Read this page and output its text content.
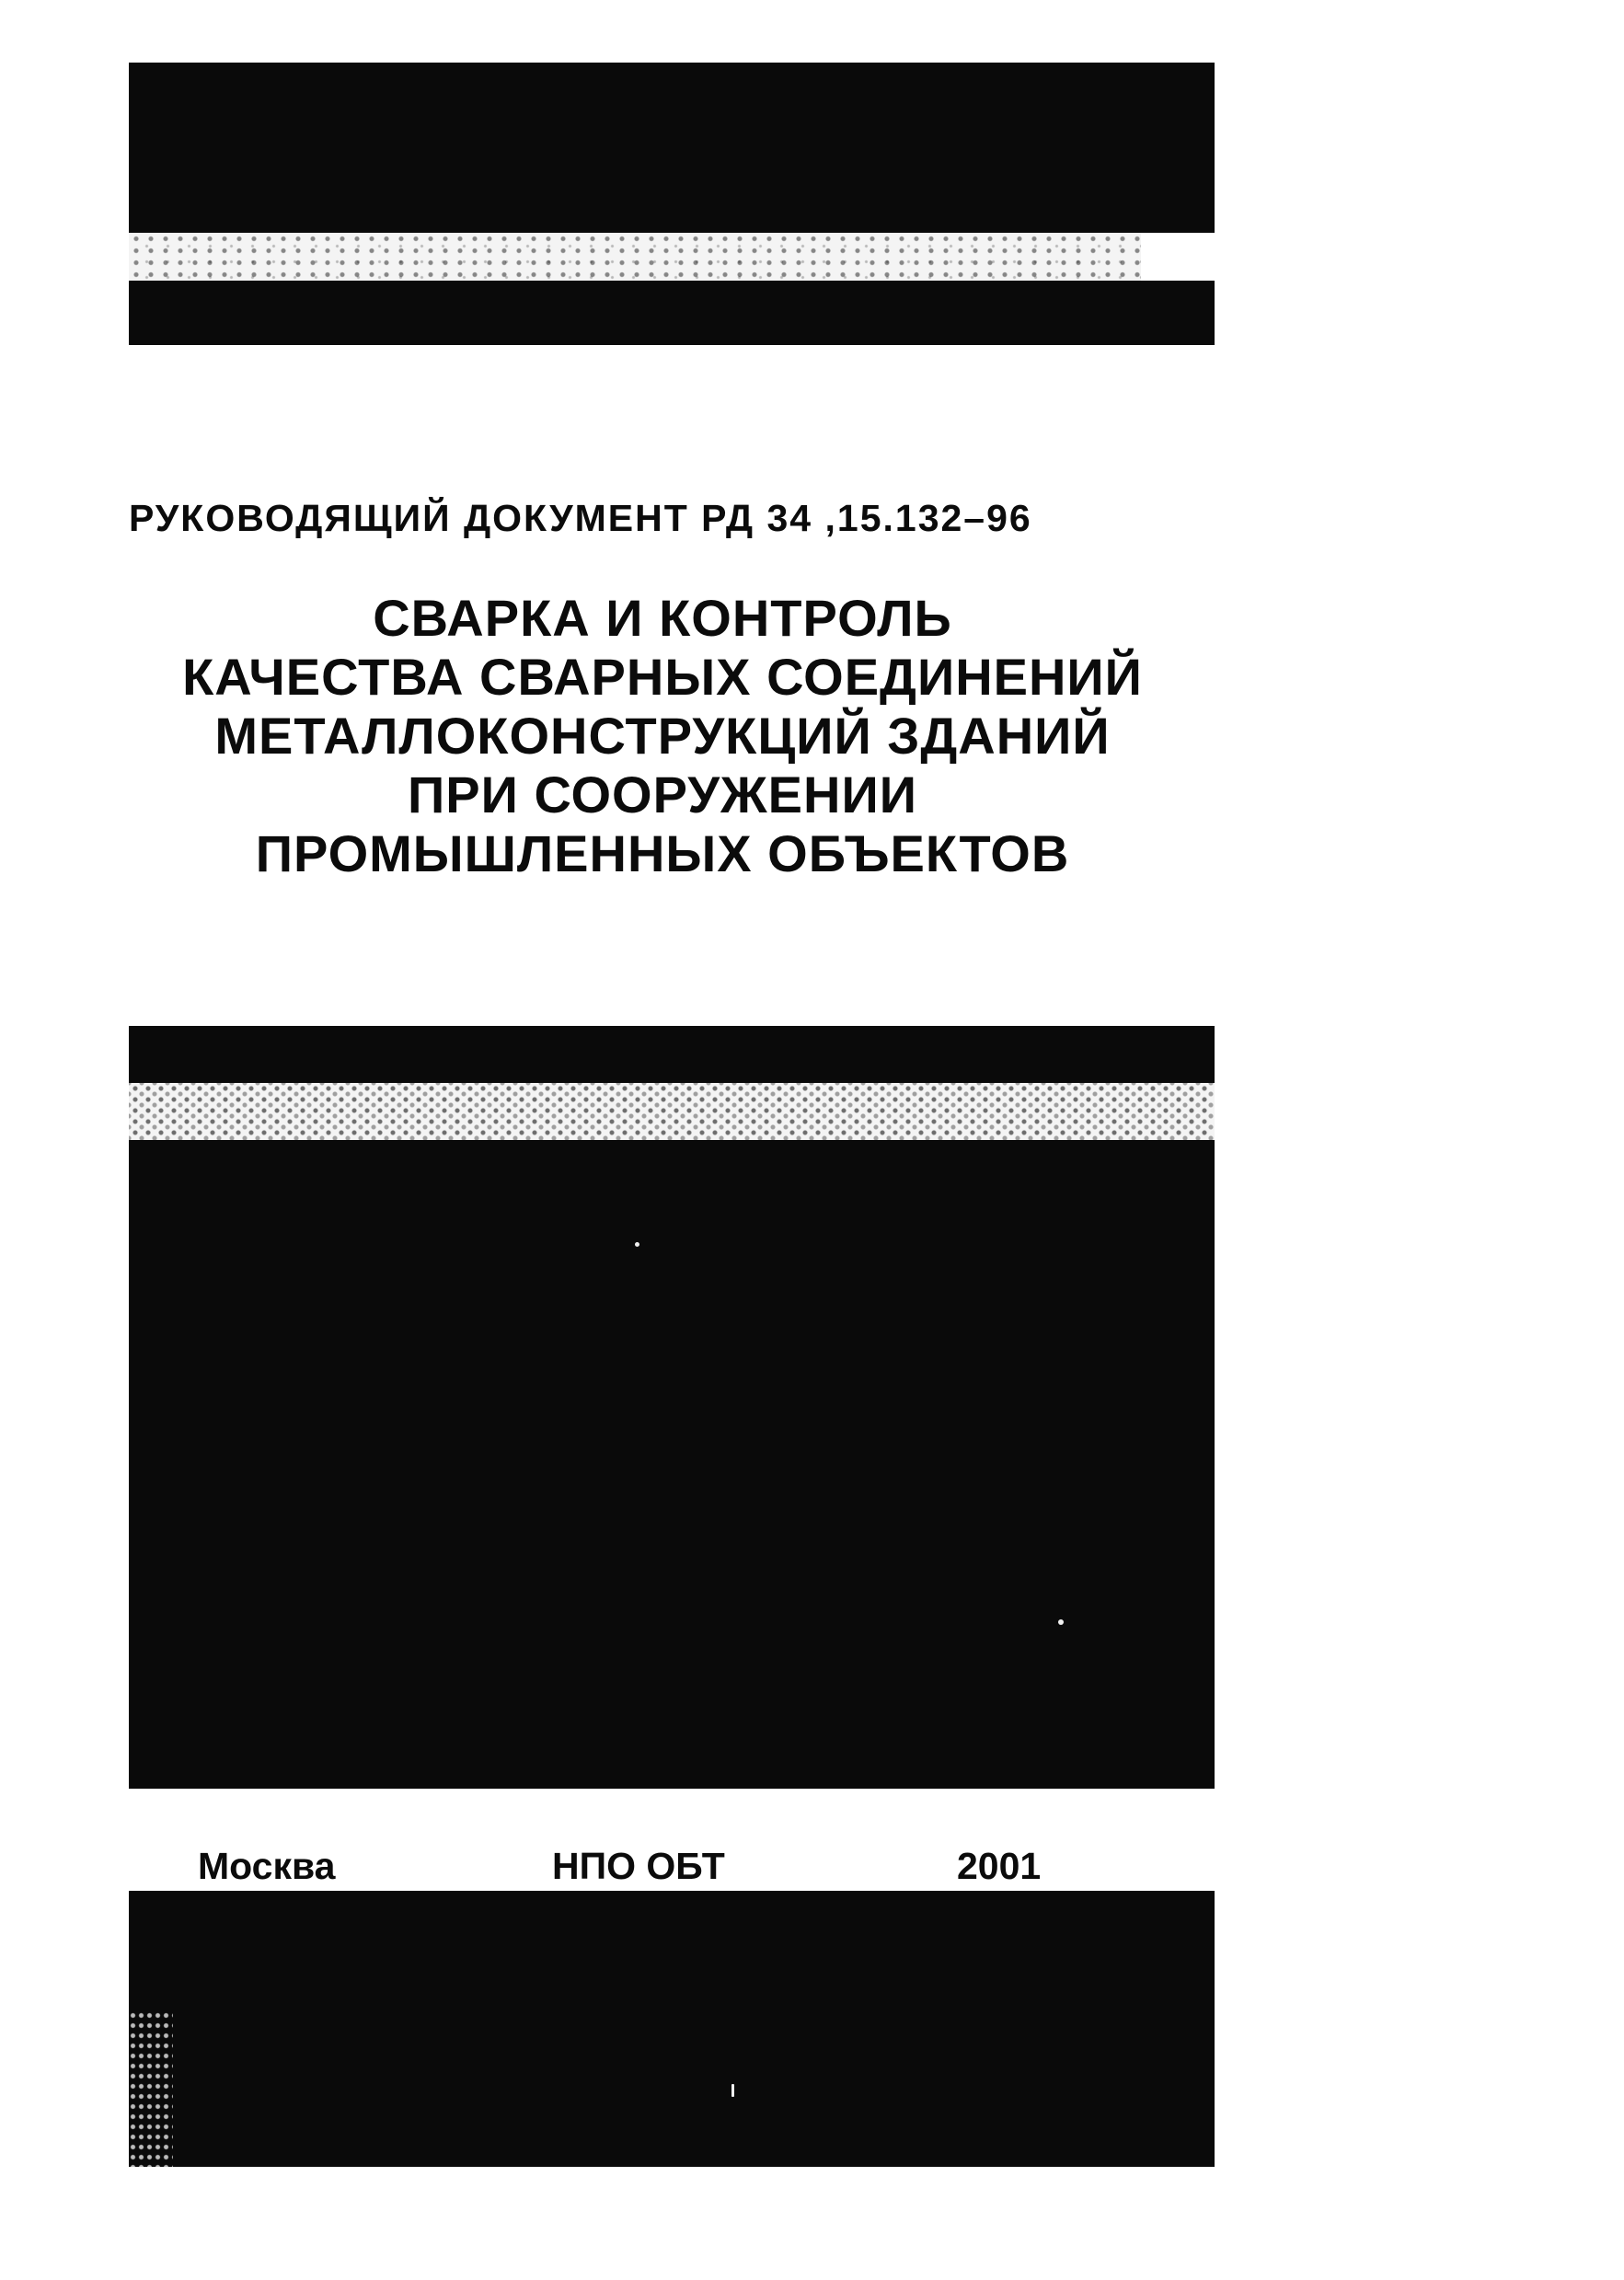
РУКОВОДЯЩИЙ ДОКУМЕНТ РД 34 ,15.132–96
СВАРКА И КОНТРОЛЬ
КАЧЕСТВА СВАРНЫХ СОЕДИНЕНИЙ
МЕТАЛЛОКОНСТРУКЦИЙ ЗДАНИЙ
ПРИ СООРУЖЕНИИ
ПРОМЫШЛЕННЫХ ОБЪЕКТОВ
Москва	НПО ОБТ	2001
